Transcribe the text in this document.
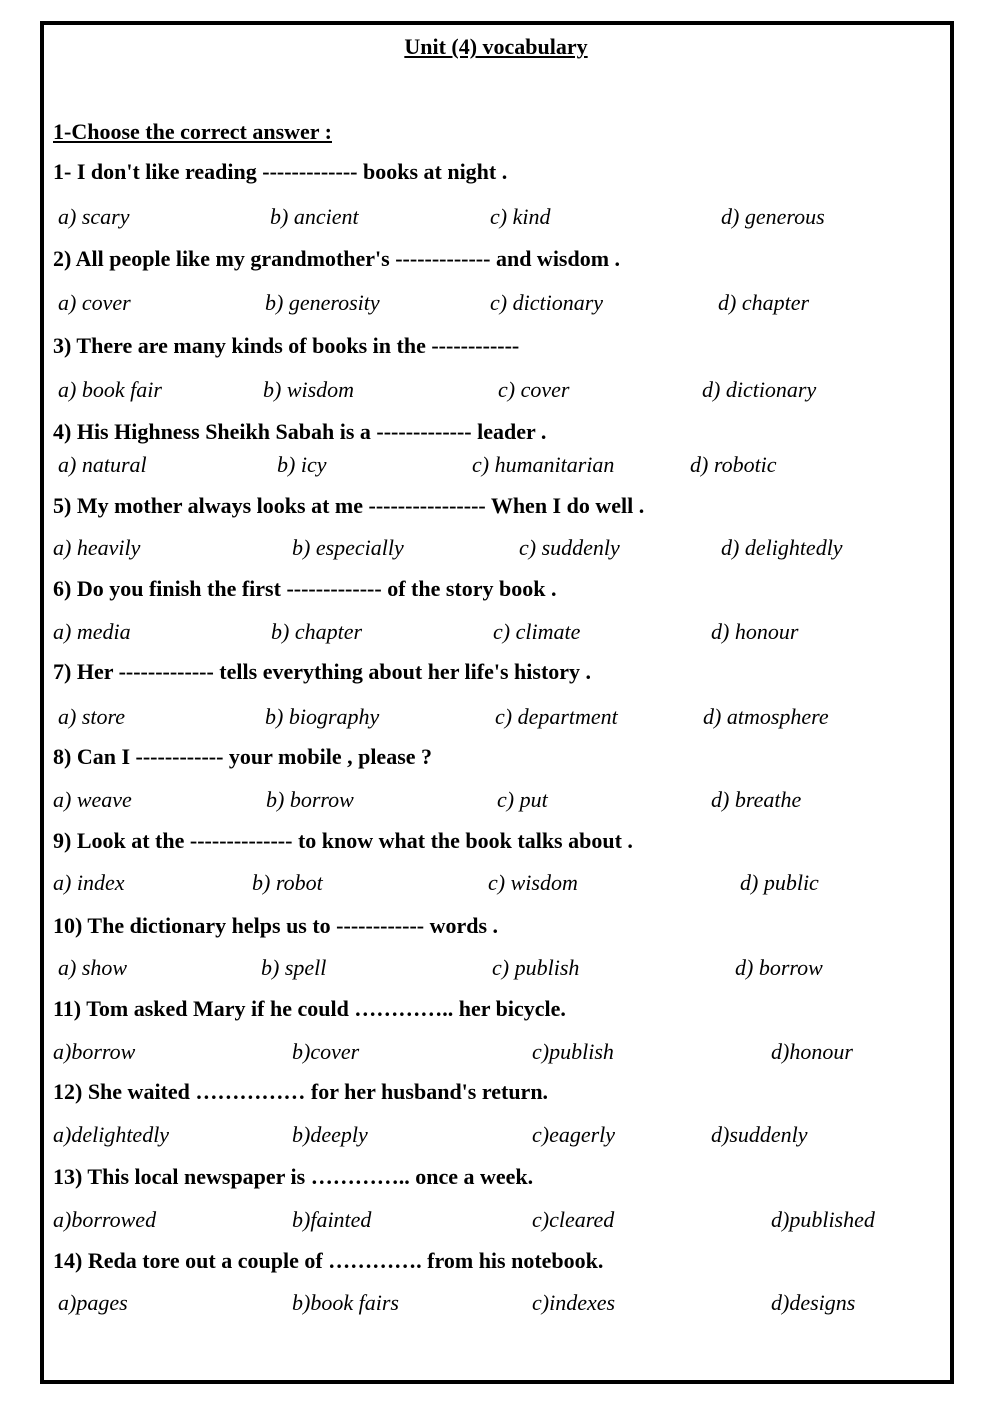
Unit (4) vocabulary
1-Choose the correct answer :
1- I don't like reading ------------- books at night .
a) scary	b) ancient	c) kind	d) generous
2) All people like my grandmother's ------------- and wisdom .
a) cover	b) generosity	c) dictionary	d) chapter
3) There are many kinds of books in the ------------
a) book fair	b) wisdom	c) cover	d) dictionary
4) His Highness Sheikh Sabah is a ------------- leader .
a) natural	b) icy	c) humanitarian	d) robotic
5) My mother always looks at me ---------------- When I do well .
a) heavily	b) especially	c) suddenly	d) delightedly
6) Do you finish the first ------------- of the story book .
a) media	b) chapter	c) climate	d) honour
7) Her ------------- tells everything about her life's history .
a) store	b) biography	c) department	d) atmosphere
8) Can I ------------ your mobile , please ?
a) weave	b) borrow	c) put	d) breathe
9) Look at the -------------- to know what the book talks about .
a) index	b) robot	c) wisdom	d) public
10) The dictionary helps us to ------------ words .
a) show	b) spell	c) publish	d) borrow
11) Tom asked Mary if he could ………….. her bicycle.
a)borrow	b)cover	c)publish	d)honour
12) She waited …………… for her husband's return.
a)delightedly	b)deeply	c)eagerly	d)suddenly
13) This local newspaper is ………….. once a week.
a)borrowed	b)fainted	c)cleared	d)published
14) Reda tore out a couple of …………. from his notebook.
a)pages	b)book fairs	c)indexes	d)designs
